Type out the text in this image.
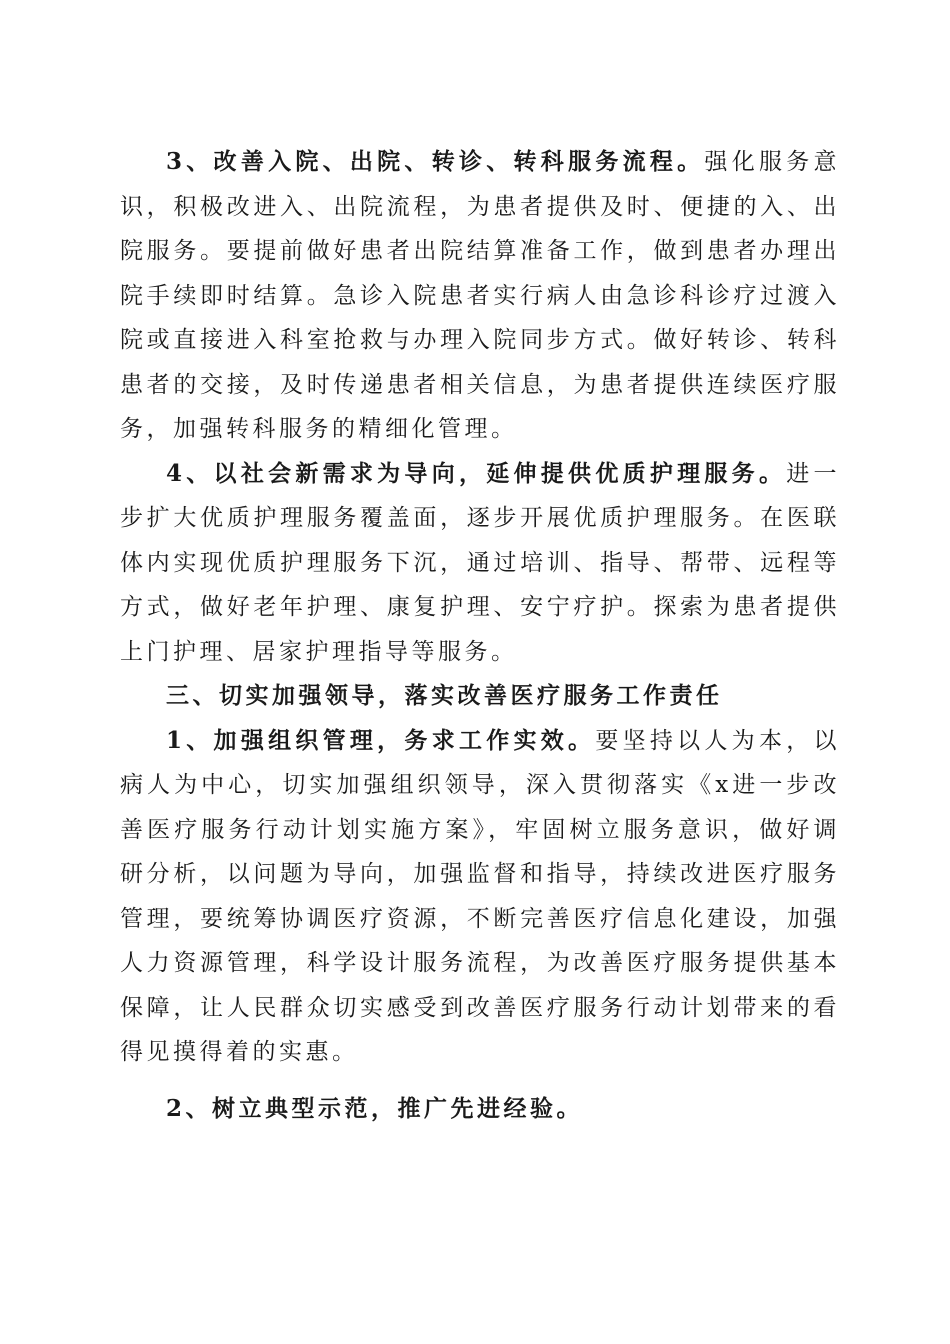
3、改善入院、出院、转诊、转科服务流程。强化服务意识，积极改进入、出院流程，为患者提供及时、便捷的入、出院服务。要提前做好患者出院结算准备工作，做到患者办理出院手续即时结算。急诊入院患者实行病人由急诊科诊疗过渡入院或直接进入科室抢救与办理入院同步方式。做好转诊、转科患者的交接，及时传递患者相关信息，为患者提供连续医疗服务，加强转科服务的精细化管理。

4、以社会新需求为导向，延伸提供优质护理服务。进一步扩大优质护理服务覆盖面，逐步开展优质护理服务。在医联体内实现优质护理服务下沉，通过培训、指导、帮带、远程等方式，做好老年护理、康复护理、安宁疗护。探索为患者提供上门护理、居家护理指导等服务。

三、切实加强领导，落实改善医疗服务工作责任

1、加强组织管理，务求工作实效。要坚持以人为本，以病人为中心，切实加强组织领导，深入贯彻落实《x进一步改善医疗服务行动计划实施方案》，牢固树立服务意识，做好调研分析，以问题为导向，加强监督和指导，持续改进医疗服务管理，要统筹协调医疗资源，不断完善医疗信息化建设，加强人力资源管理，科学设计服务流程，为改善医疗服务提供基本保障，让人民群众切实感受到改善医疗服务行动计划带来的看得见摸得着的实惠。

2、树立典型示范，推广先进经验。
